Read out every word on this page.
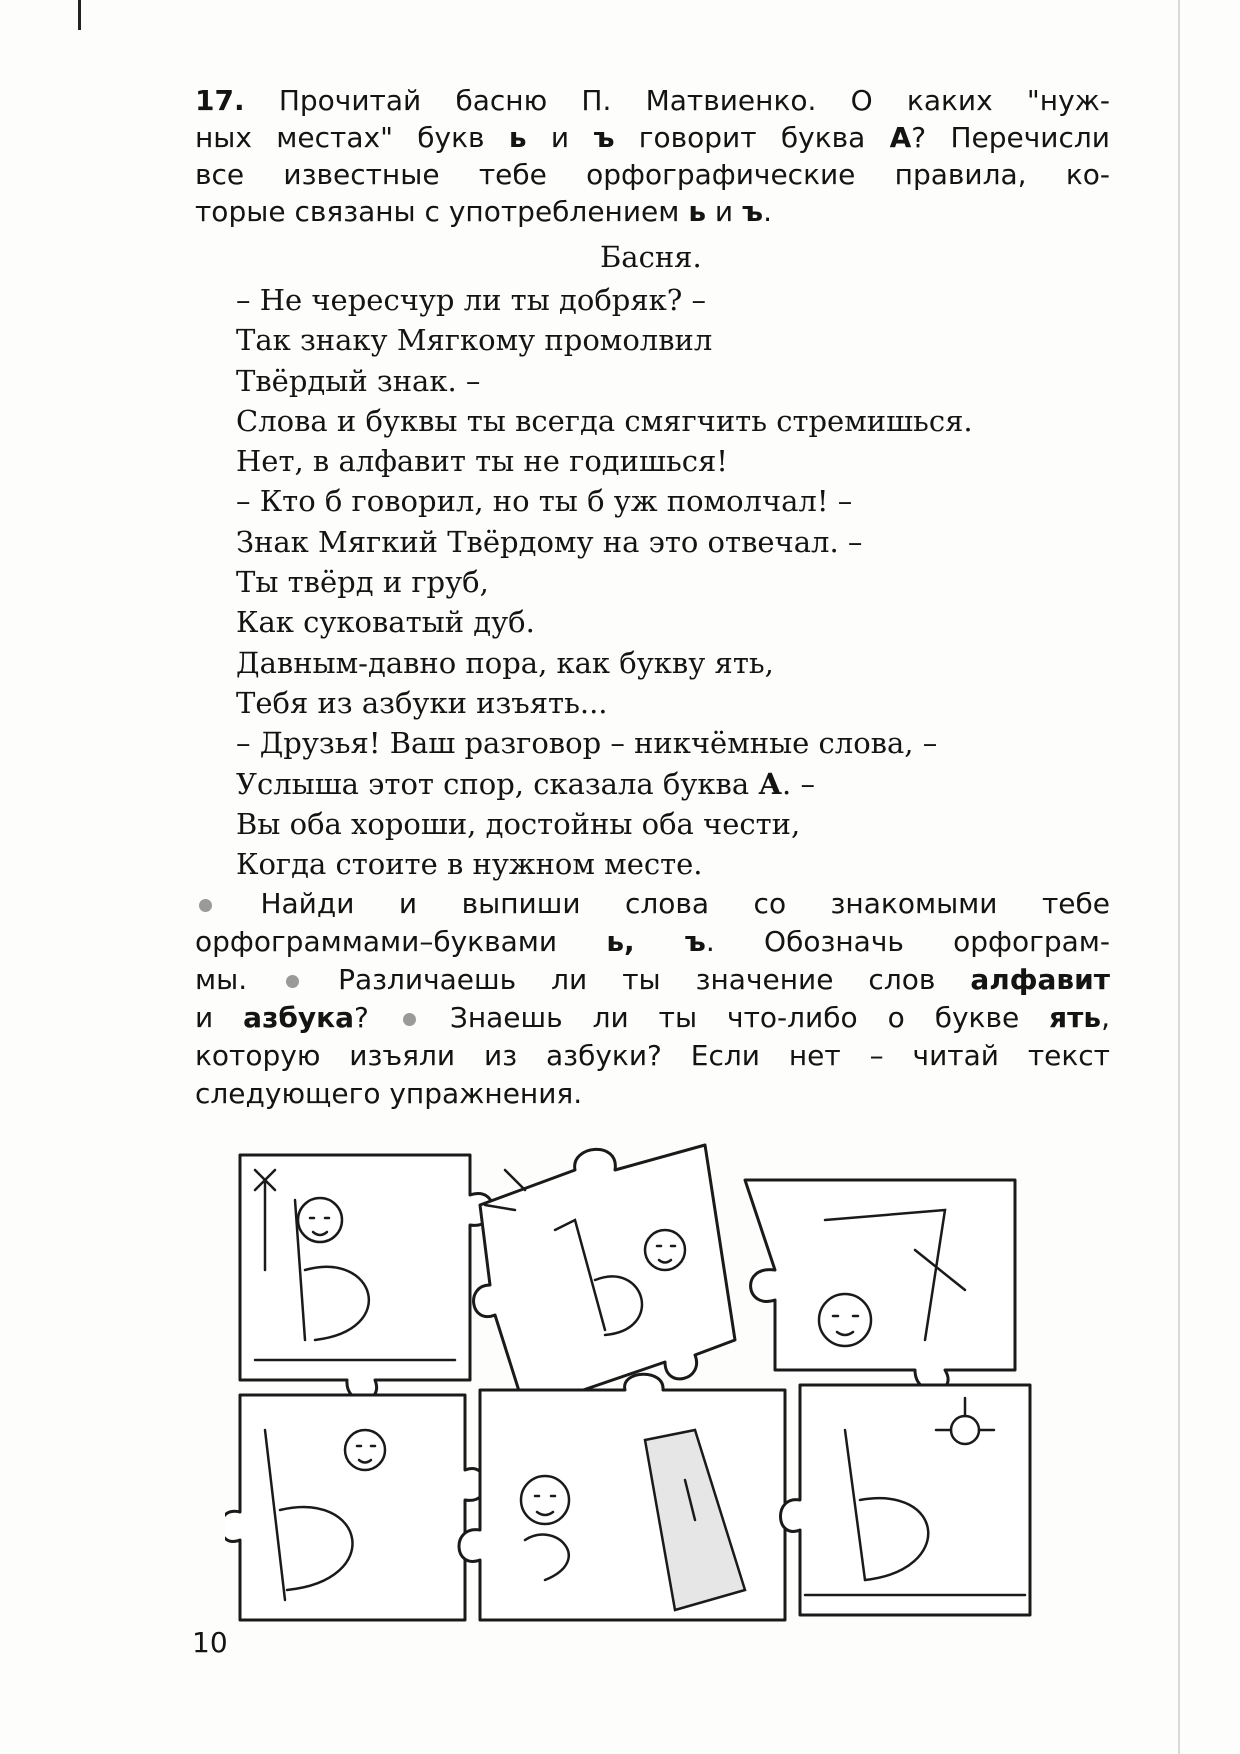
17. Прочитай басню П. Матвиенко. О каких "нуж-
ных местах" букв ь и ъ говорит буква А? Перечисли
все известные тебе орфографические правила, ко-
торые связаны с употреблением ь и ъ.
Басня.
– Не чересчур ли ты добряк? –
Так знаку Мягкому промолвил
Твёрдый знак. –
Слова и буквы ты всегда смягчить стремишься.
Нет, в алфавит ты не годишься!
– Кто б говорил, но ты б уж помолчал! –
Знак Мягкий Твёрдому на это отвечал. –
Ты твёрд и груб,
Как суковатый дуб.
Давным-давно пора, как букву ять,
Тебя из азбуки изъять...
– Друзья! Ваш разговор – никчёмные слова, –
Услыша этот спор, сказала буква А. –
Вы оба хороши, достойны оба чести,
Когда стоите в нужном месте.
Найди и выпиши слова со знакомыми тебе
орфограммами–буквами ь, ъ. Обозначь орфограм-
мы.  Различаешь ли ты значение слов алфавит
и азбука?  Знаешь ли ты что-либо о букве ять,
которую изъяли из азбуки? Если нет – читай текст
следующего упражнения.
10
